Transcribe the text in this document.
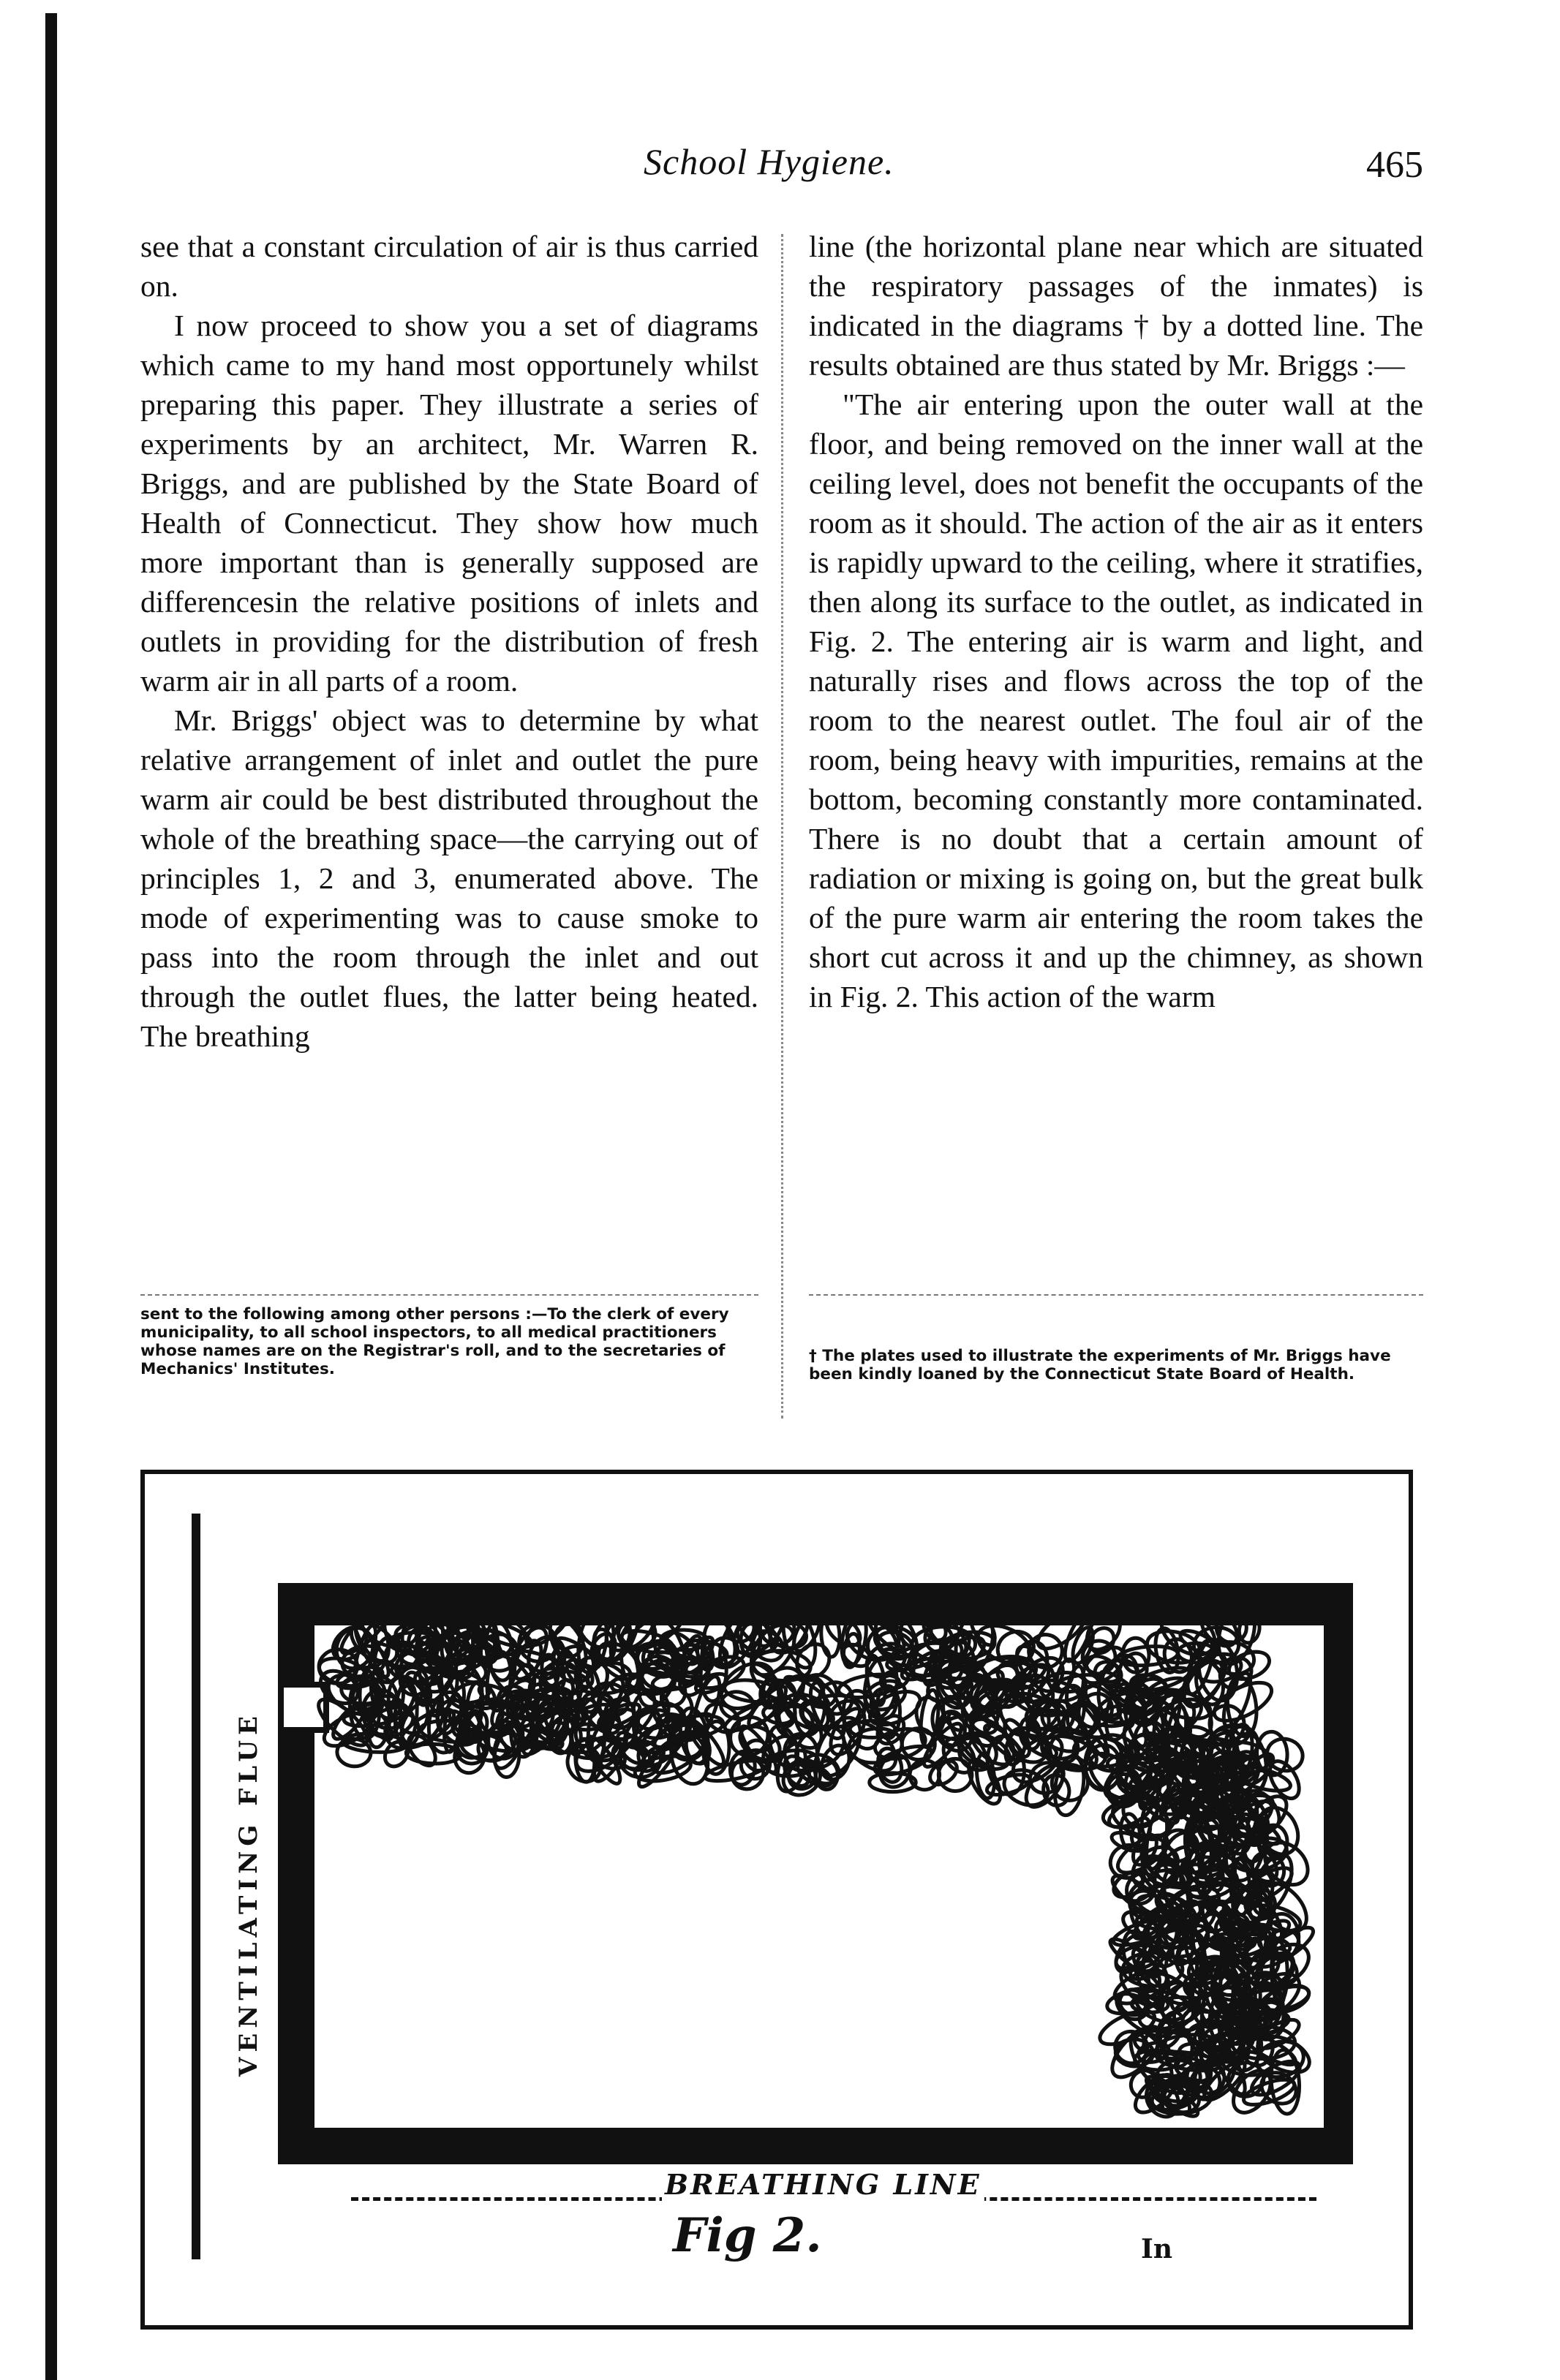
School Hygiene.	465

see that a constant circulation of air is thus carried on.

I now proceed to show you a set of diagrams which came to my hand most opportunely whilst preparing this paper. They illustrate a series of experiments by an architect, Mr. Warren R. Briggs, and are published by the State Board of Health of Connecticut. They show how much more important than is generally supposed are differencesin the relative positions of inlets and outlets in providing for the distribution of fresh warm air in all parts of a room.

Mr. Briggs' object was to determine by what relative arrangement of inlet and outlet the pure warm air could be best distributed throughout the whole of the breathing space—the carrying out of principles 1, 2 and 3, enumerated above. The mode of experimenting was to cause smoke to pass into the room through the inlet and out through the outlet flues, the latter being heated. The breathing

line (the horizontal plane near which are situated the respiratory passages of the inmates) is indicated in the diagrams † by a dotted line. The results obtained are thus stated by Mr. Briggs :—

"The air entering upon the outer wall at the floor, and being removed on the inner wall at the ceiling level, does not benefit the occupants of the room as it should. The action of the air as it enters is rapidly upward to the ceiling, where it stratifies, then along its surface to the outlet, as indicated in Fig. 2. The entering air is warm and light, and naturally rises and flows across the top of the room to the nearest outlet. The foul air of the room, being heavy with impurities, remains at the bottom, becoming constantly more contaminated. There is no doubt that a certain amount of radiation or mixing is going on, but the great bulk of the pure warm air entering the room takes the short cut across it and up the chimney, as shown in Fig. 2. This action of the warm

sent to the following among other persons :—To the clerk of every municipality, to all school inspectors, to all medical practitioners whose names are on the Registrar's roll, and to the secretaries of Mechanics' Institutes.
† The plates used to illustrate the experiments of Mr. Briggs have been kindly loaned by the Connecticut State Board of Health.
VENTILATING FLUE
BREATHING LINE
In
Fig 2.
